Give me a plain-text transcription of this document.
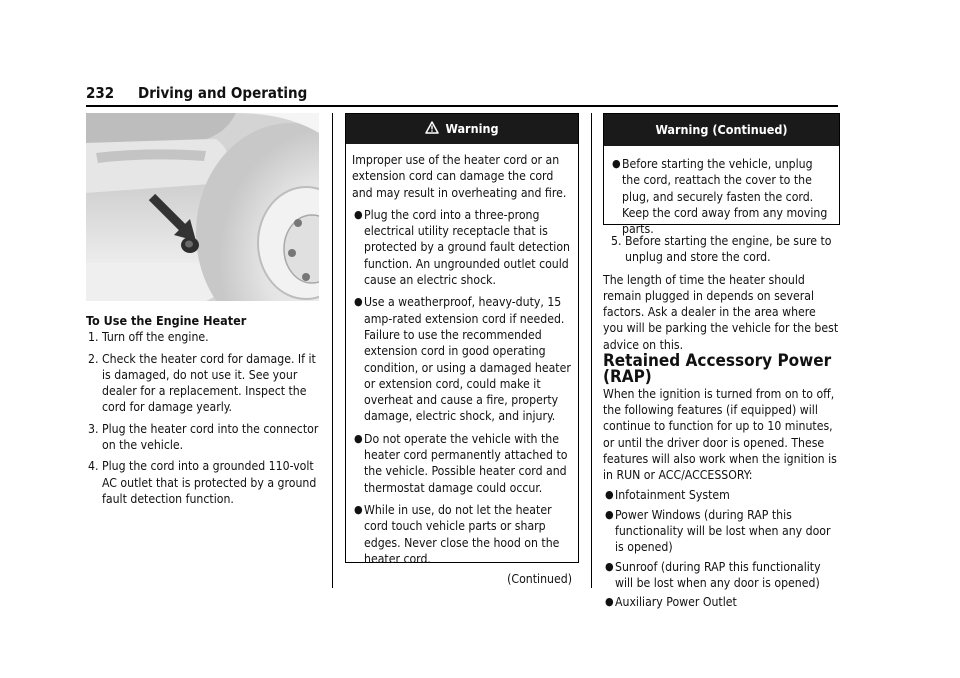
232 Driving and Operating

To Use the Engine Heater

1. Turn off the engine.
2. Check the heater cord for damage. If it is damaged, do not use it. See your dealer for a replacement. Inspect the cord for damage yearly.
3. Plug the heater cord into the connector on the vehicle.
4. Plug the cord into a grounded 110-volt AC outlet that is protected by a ground fault detection function.
Warning

Improper use of the heater cord or an extension cord can damage the cord and may result in overheating and fire.

● Plug the cord into a three-prong electrical utility receptacle that is protected by a ground fault detection function. An ungrounded outlet could cause an electric shock.
● Use a weatherproof, heavy-duty, 15 amp-rated extension cord if needed. Failure to use the recommended extension cord in good operating condition, or using a damaged heater or extension cord, could make it overheat and cause a fire, property damage, electric shock, and injury.
● Do not operate the vehicle with the heater cord permanently attached to the vehicle. Possible heater cord and thermostat damage could occur.
● While in use, do not let the heater cord touch vehicle parts or sharp edges. Never close the hood on the heater cord.

(Continued)

Warning (Continued)
● Before starting the vehicle, unplug the cord, reattach the cover to the plug, and securely fasten the cord. Keep the cord away from any moving parts.
5. Before starting the engine, be sure to unplug and store the cord.

The length of time the heater should remain plugged in depends on several factors. Ask a dealer in the area where you will be parking the vehicle for the best advice on this.

Retained Accessory Power (RAP)

When the ignition is turned from on to off, the following features (if equipped) will continue to function for up to 10 minutes, or until the driver door is opened. These features will also work when the ignition is in RUN or ACC/ACCESSORY:

● Infotainment System
● Power Windows (during RAP this functionality will be lost when any door is opened)
● Sunroof (during RAP this functionality will be lost when any door is opened)
● Auxiliary Power Outlet
